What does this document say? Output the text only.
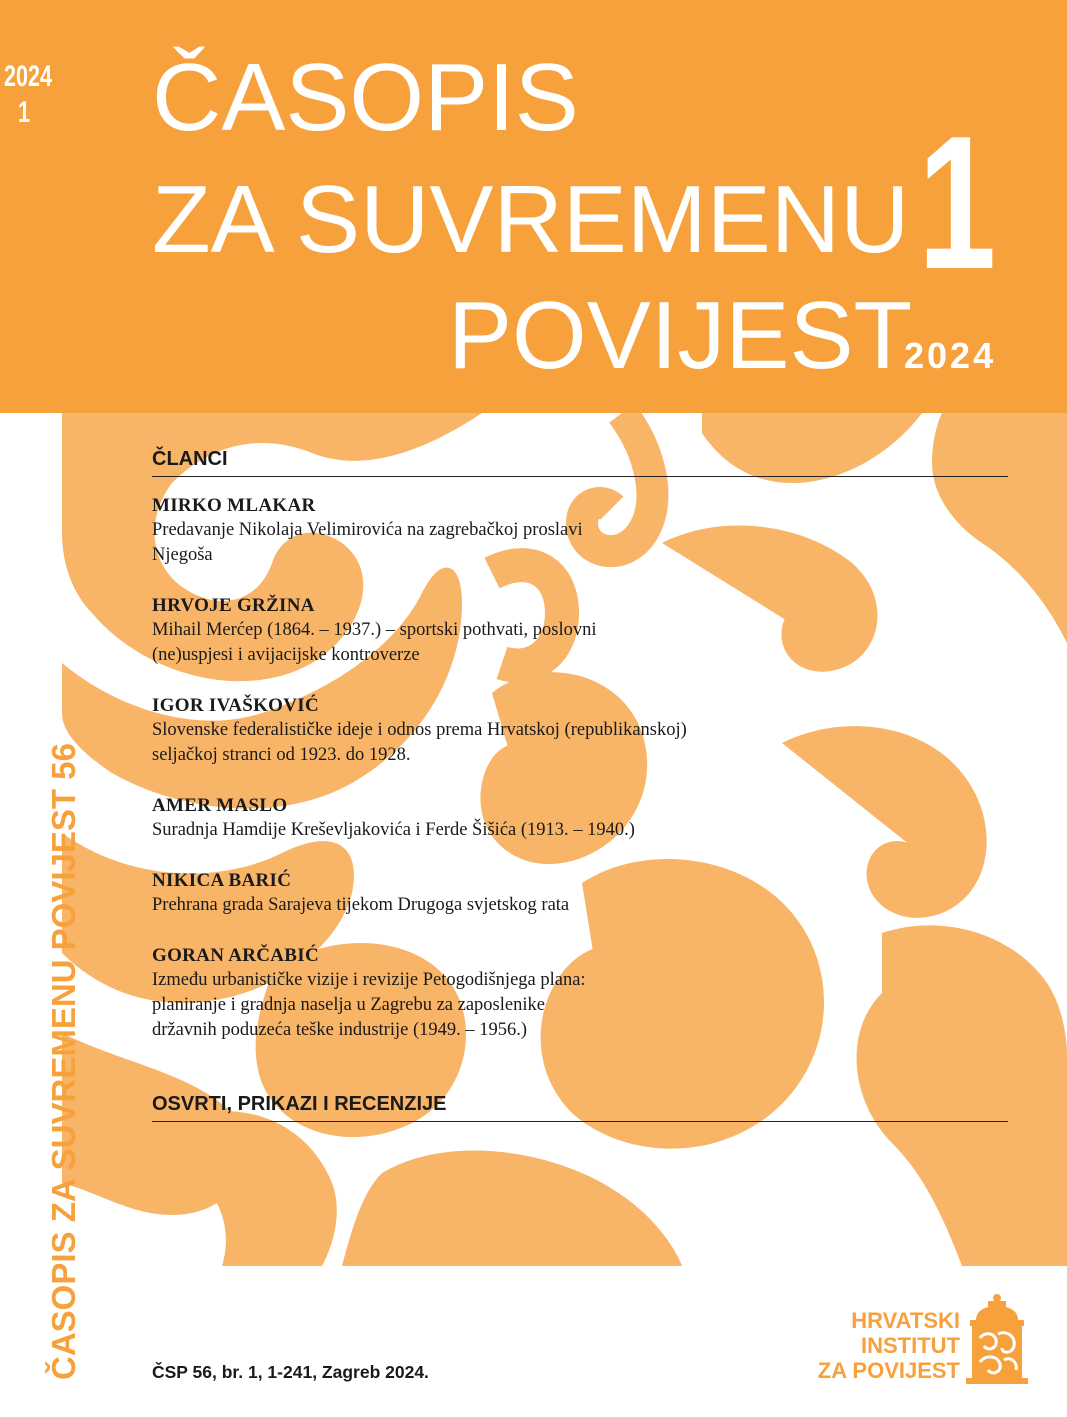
2024
1 ČASOPIS
ZA SUVREMENU
POVIJEST
1
2024
ČASOPIS ZA SUVREMENU POVIJEST 56
ČLANCI
MIRKO MLAKAR
Predavanje Nikolaja Velimirovića na zagrebačkoj proslavi
Njegoša
HRVOJE GRŽINA
Mihail Merćep (1864. – 1937.) – sportski pothvati, poslovni
(ne)uspjesi i avijacijske kontroverze
IGOR IVAŠKOVIĆ
Slovenske federalističke ideje i odnos prema Hrvatskoj (republikanskoj)
seljačkoj stranci od 1923. do 1928.
AMER MASLO
Suradnja Hamdije Kreševljakovića i Ferde Šišića (1913. – 1940.)
NIKICA BARIĆ
Prehrana grada Sarajeva tijekom Drugoga svjetskog rata
GORAN ARČABIĆ
Između urbanističke vizije i revizije Petogodišnjega plana:
planiranje i gradnja naselja u Zagrebu za zaposlenike
državnih poduzeća teške industrije (1949. – 1956.)
OSVRTI, PRIKAZI I RECENZIJE
ČSP 56, br. 1, 1-241, Zagreb 2024.
HRVATSKI
INSTITUT
ZA POVIJEST
